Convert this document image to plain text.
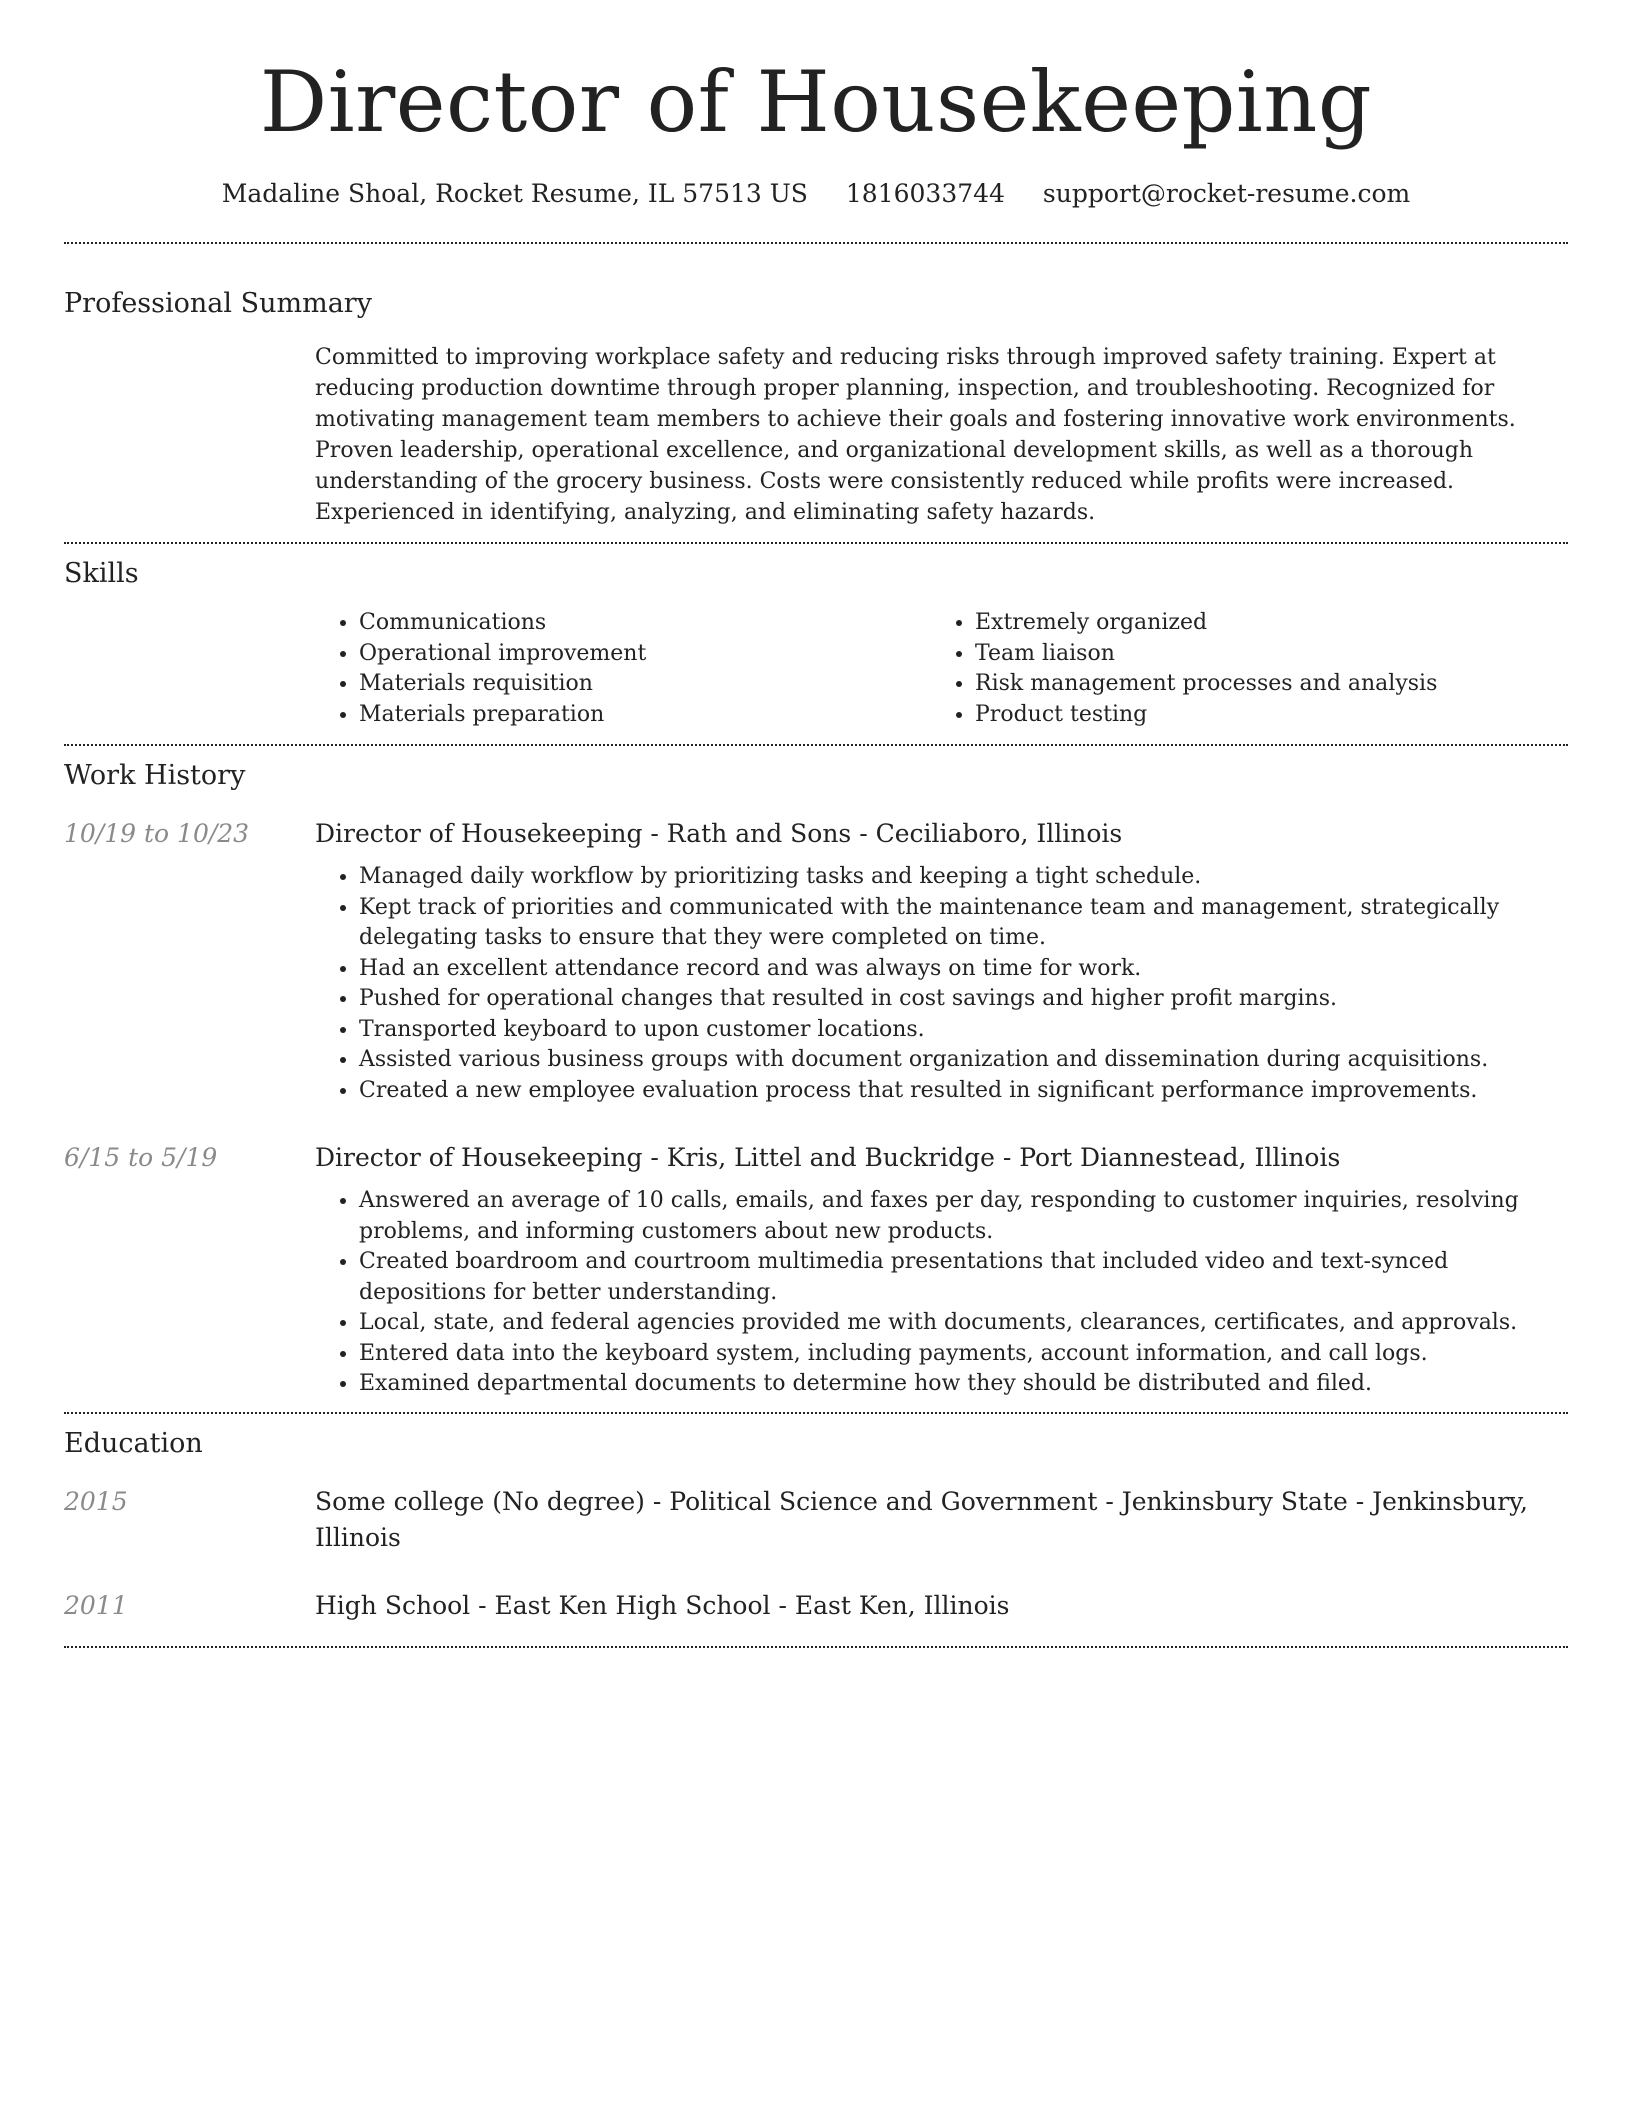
Director of Housekeeping
Madaline Shoal, Rocket Resume, IL 57513 US 1816033744 support@rocket-resume.com
Professional Summary
Committed to improving workplace safety and reducing risks through improved safety training. Expert at reducing production downtime through proper planning, inspection, and troubleshooting. Recognized for motivating management team members to achieve their goals and fostering innovative work environments. Proven leadership, operational excellence, and organizational development skills, as well as a thorough understanding of the grocery business. Costs were consistently reduced while profits were increased. Experienced in identifying, analyzing, and eliminating safety hazards.
Skills
• Communications
• Operational improvement
• Materials requisition
• Materials preparation
• Extremely organized
• Team liaison
• Risk management processes and analysis
• Product testing
Work History
10/19 to 10/23	Director of Housekeeping - Rath and Sons - Ceciliaboro, Illinois
• Managed daily workflow by prioritizing tasks and keeping a tight schedule.
• Kept track of priorities and communicated with the maintenance team and management, strategically delegating tasks to ensure that they were completed on time.
• Had an excellent attendance record and was always on time for work.
• Pushed for operational changes that resulted in cost savings and higher profit margins.
• Transported keyboard to upon customer locations.
• Assisted various business groups with document organization and dissemination during acquisitions.
• Created a new employee evaluation process that resulted in significant performance improvements.
6/15 to 5/19	Director of Housekeeping - Kris, Littel and Buckridge - Port Diannestead, Illinois
• Answered an average of 10 calls, emails, and faxes per day, responding to customer inquiries, resolving problems, and informing customers about new products.
• Created boardroom and courtroom multimedia presentations that included video and text-synced depositions for better understanding.
• Local, state, and federal agencies provided me with documents, clearances, certificates, and approvals.
• Entered data into the keyboard system, including payments, account information, and call logs.
• Examined departmental documents to determine how they should be distributed and filed.
Education
2015	Some college (No degree) - Political Science and Government - Jenkinsbury State - Jenkinsbury, Illinois
2011	High School - East Ken High School - East Ken, Illinois
